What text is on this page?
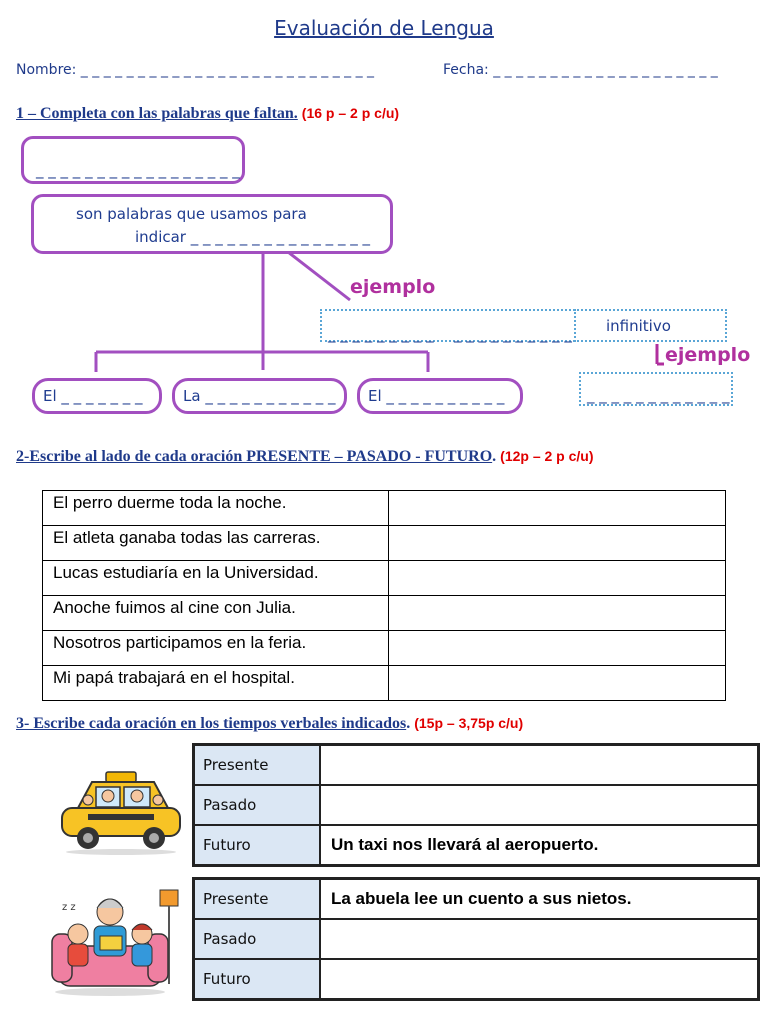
Evaluación de Lengua
Nombre: _ _ _ _ _ _ _ _ _ _ _ _ _ _ _ _ _ _ _ _ _ _ _ _ _ _	Fecha: _ _ _ _ _ _ _ _ _ _ _ _ _ _ _ _ _ _ _ _
1 – Completa con las palabras que faltan. (16 p – 2 p c/u)
_ _ _ _ _ _ _ _ _ _ _ _ _ _ _ _ _
son palabras que usamos para
indicar _ _ _ _ _ _ _ _ _ _ _ _ _ _ _
ejemplo
_ _ _ _ _ _ _ _ _ _ _ _ _ _ _ _ _ _ _ infinitivo
ejemplo
_ _ _ _ _ _ _ _ _ _ _ _
El _ _ _ _ _ _ _	La _ _ _ _ _ _ _ _ _ _ _ El _ _ _ _ _ _ _ _ _ _
2-Escribe al lado de cada oración PRESENTE – PASADO - FUTURO. (12p – 2 p c/u)
El perro duerme toda la noche.	
El atleta ganaba todas las carreras.	
Lucas estudiaría en la Universidad.	
Anoche fuimos al cine con Julia.	
Nosotros participamos en la feria.	
Mi papá trabajará en el hospital.	
3- Escribe cada oración en los tiempos verbales indicados. (15p – 3,75p c/u)
Presente	
Pasado	
Futuro	Un taxi nos llevará al aeropuerto.
z z	Presente	La abuela lee un cuento a sus nietos.
Pasado	
Futuro	
